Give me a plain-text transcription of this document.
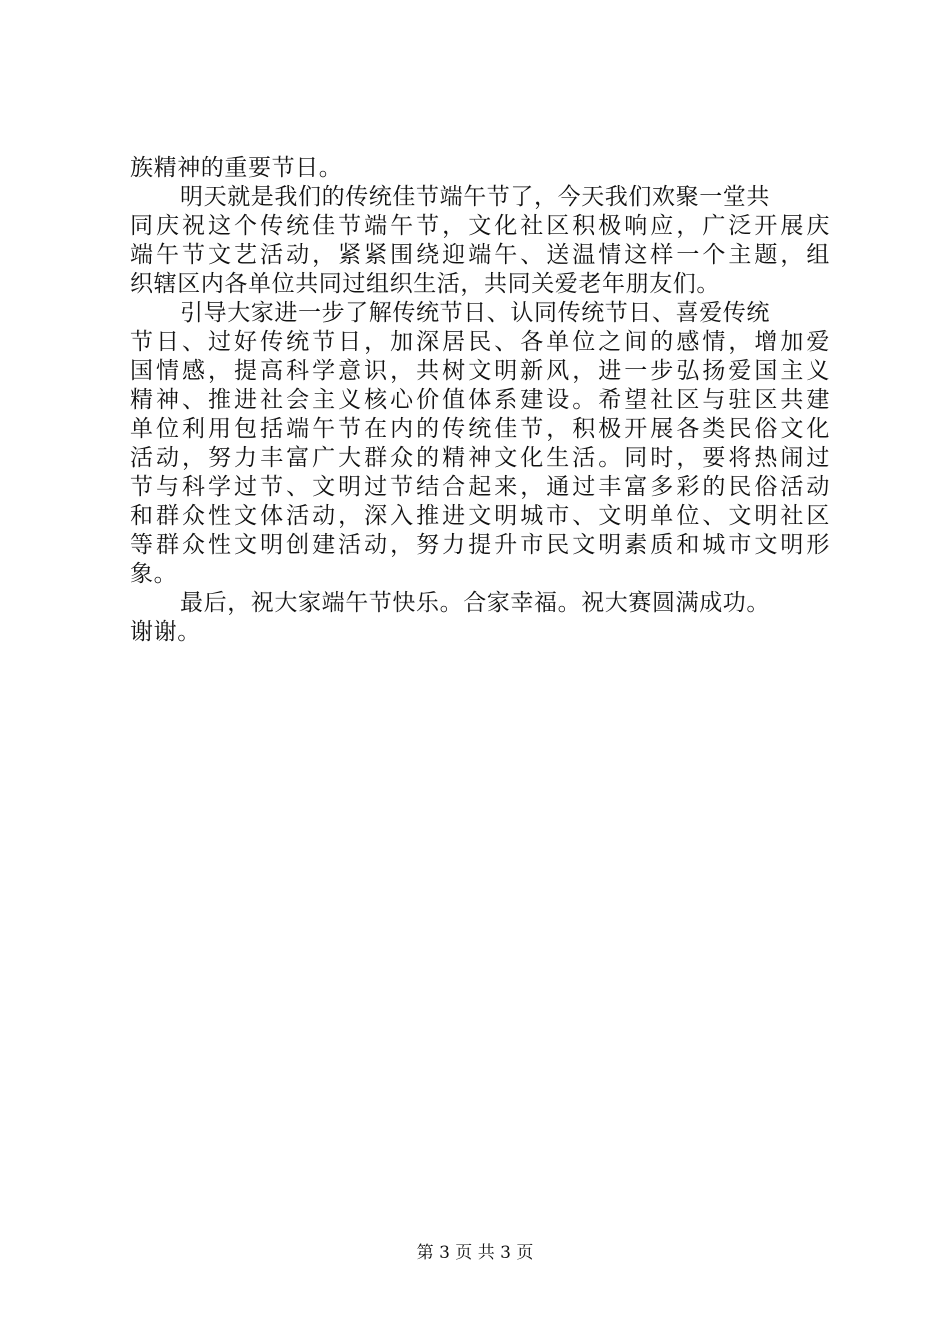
族精神的重要节日。
明天就是我们的传统佳节端午节了，今天我们欢聚一堂共
同庆祝这个传统佳节端午节，文化社区积极响应，广泛开展庆
端午节文艺活动，紧紧围绕迎端午、送温情这样一个主题，组
织辖区内各单位共同过组织生活，共同关爱老年朋友们。
引导大家进一步了解传统节日、认同传统节日、喜爱传统
节日、过好传统节日，加深居民、各单位之间的感情，增加爱
国情感，提高科学意识，共树文明新风，进一步弘扬爱国主义
精神、推进社会主义核心价值体系建设。希望社区与驻区共建
单位利用包括端午节在内的传统佳节，积极开展各类民俗文化
活动，努力丰富广大群众的精神文化生活。同时，要将热闹过
节与科学过节、文明过节结合起来，通过丰富多彩的民俗活动
和群众性文体活动，深入推进文明城市、文明单位、文明社区
等群众性文明创建活动，努力提升市民文明素质和城市文明形
象。
最后，祝大家端午节快乐。合家幸福。祝大赛圆满成功。
谢谢。
第 3 页 共 3 页
